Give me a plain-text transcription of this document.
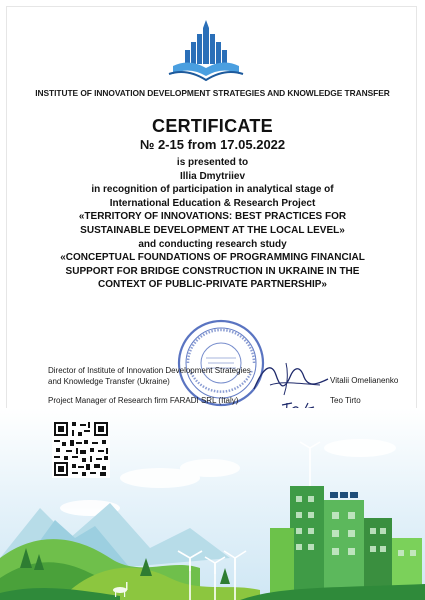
INSTITUTE OF INNOVATION DEVELOPMENT STRATEGIES AND KNOWLEDGE TRANSFER
CERTIFICATE
№ 2-15 from 17.05.2022
is presented to
Illia Dmytriiev
in recognition of participation in analytical stage of
International Education & Research Project
«TERRITORY OF INNOVATIONS: BEST PRACTICES FOR
SUSTAINABLE DEVELOPMENT AT THE LOCAL LEVEL»
and conducting research study
«CONCEPTUAL FOUNDATIONS OF PROGRAMMING FINANCIAL
SUPPORT FOR BRIDGE CONSTRUCTION IN UKRAINE IN THE
CONTEXT OF PUBLIC-PRIVATE PARTNERSHIP»
Director of Institute of Innovation Development Strategies
and Knowledge Transfer (Ukraine)	Vitalii Omelianenko
Project Manager of Research firm FARADI SRL (Italy)	Teo Tirto
